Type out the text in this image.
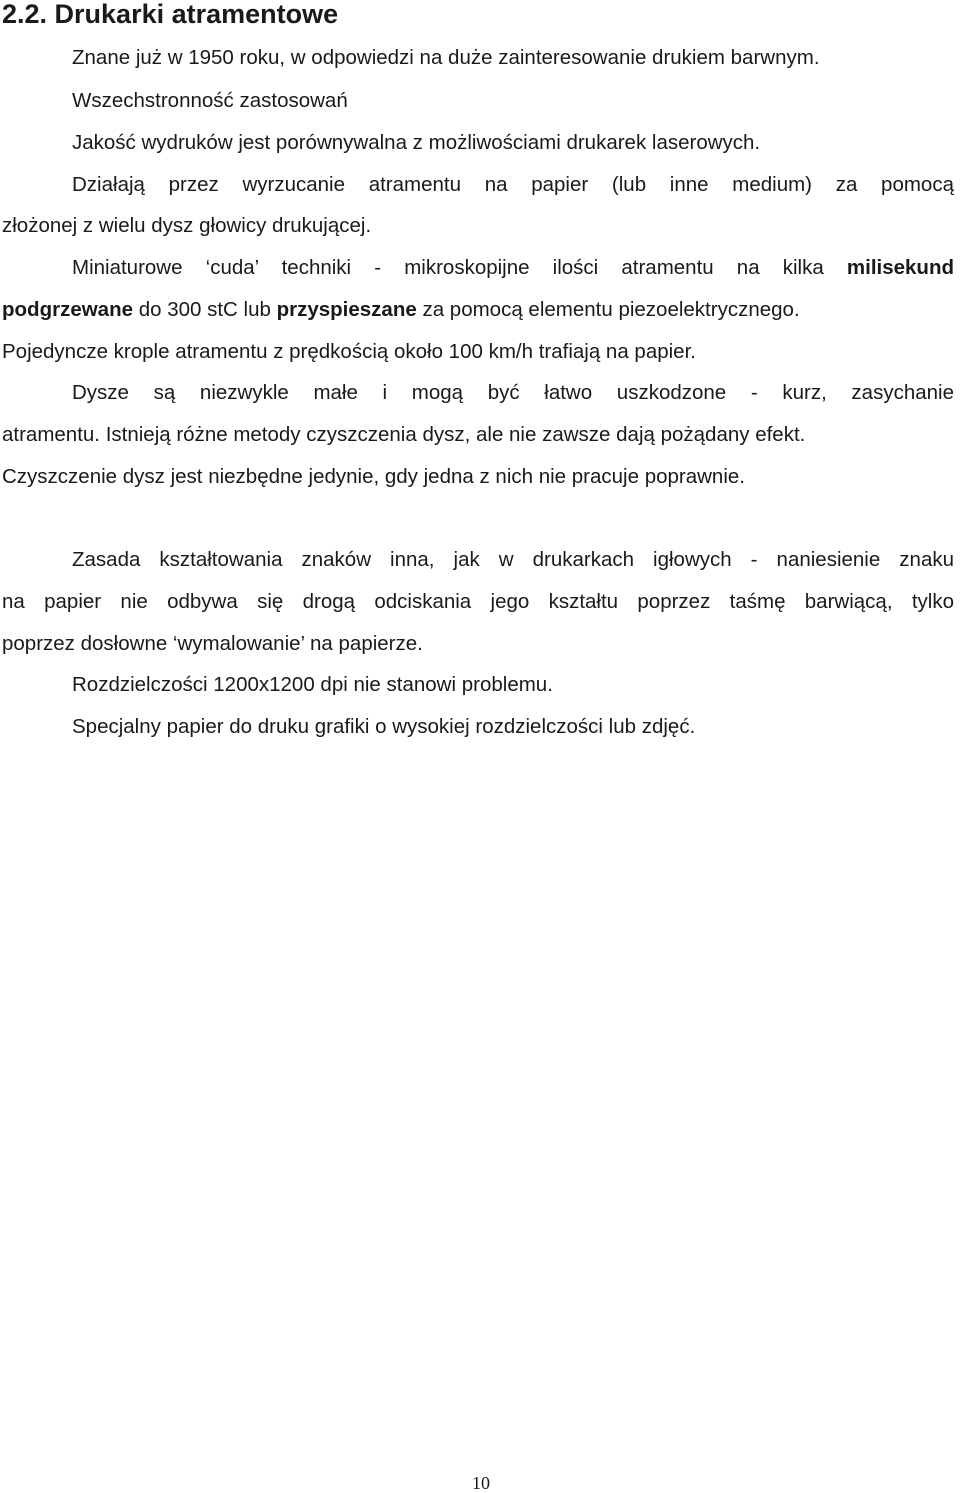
2.2. Drukarki atramentowe

Znane już w 1950 roku, w odpowiedzi na duże zainteresowanie drukiem barwnym.

Wszechstronność zastosowań

Jakość wydruków jest porównywalna z możliwościami drukarek laserowych.

Działają przez wyrzucanie atramentu na papier (lub inne medium) za pomocą

złożonej z wielu dysz głowicy drukującej.

Miniaturowe ‘cuda’ techniki - mikroskopijne ilości atramentu na kilka milisekund

podgrzewane do 300 stC lub przyspieszane za pomocą elementu piezoelektrycznego.

Pojedyncze krople atramentu z prędkością około 100 km/h trafiają na papier.

Dysze są niezwykle małe i mogą być łatwo uszkodzone - kurz, zasychanie

atramentu. Istnieją różne metody czyszczenia dysz, ale nie zawsze dają pożądany efekt.

Czyszczenie dysz jest niezbędne jedynie, gdy jedna z nich nie pracuje poprawnie.

Zasada kształtowania znaków inna, jak w drukarkach igłowych - naniesienie znaku

na papier nie odbywa się drogą odciskania jego kształtu poprzez taśmę barwiącą, tylko

poprzez dosłowne ‘wymalowanie’ na papierze.

Rozdzielczości 1200x1200 dpi nie stanowi problemu.

Specjalny papier do druku grafiki o wysokiej rozdzielczości lub zdjęć.

10
